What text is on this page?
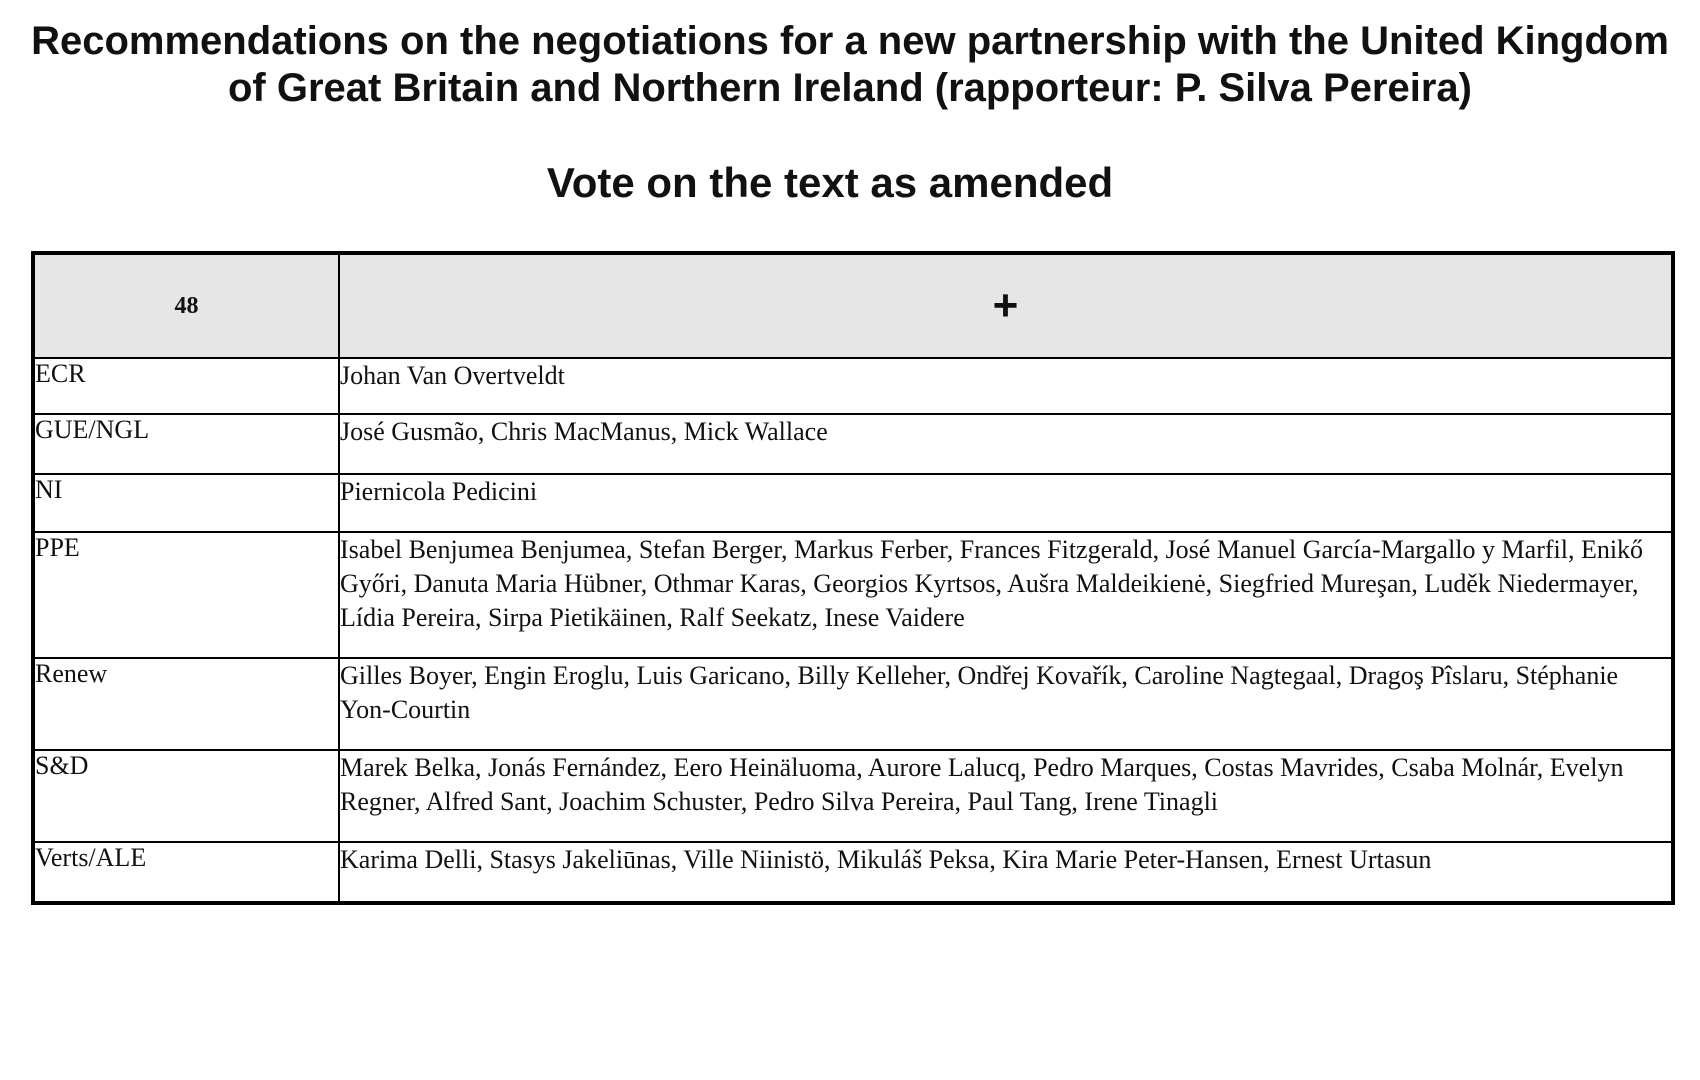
Recommendations on the negotiations for a new partnership with the United Kingdom of Great Britain and Northern Ireland (rapporteur: P. Silva Pereira)
Vote on the text as amended
48	+
ECR	Johan Van Overtveldt
GUE/NGL	José Gusmão, Chris MacManus, Mick Wallace
NI	Piernicola Pedicini
PPE	Isabel Benjumea Benjumea, Stefan Berger, Markus Ferber, Frances Fitzgerald, José Manuel García-Margallo y Marfil, Enikő Győri, Danuta Maria Hübner, Othmar Karas, Georgios Kyrtsos, Aušra Maldeikienė, Siegfried Mureşan, Luděk Niedermayer, Lídia Pereira, Sirpa Pietikäinen, Ralf Seekatz, Inese Vaidere
Renew	Gilles Boyer, Engin Eroglu, Luis Garicano, Billy Kelleher, Ondřej Kovařík, Caroline Nagtegaal, Dragoş Pîslaru, Stéphanie Yon-Courtin
S&D	Marek Belka, Jonás Fernández, Eero Heinäluoma, Aurore Lalucq, Pedro Marques, Costas Mavrides, Csaba Molnár, Evelyn Regner, Alfred Sant, Joachim Schuster, Pedro Silva Pereira, Paul Tang, Irene Tinagli
Verts/ALE	Karima Delli, Stasys Jakeliūnas, Ville Niinistö, Mikuláš Peksa, Kira Marie Peter-Hansen, Ernest Urtasun
